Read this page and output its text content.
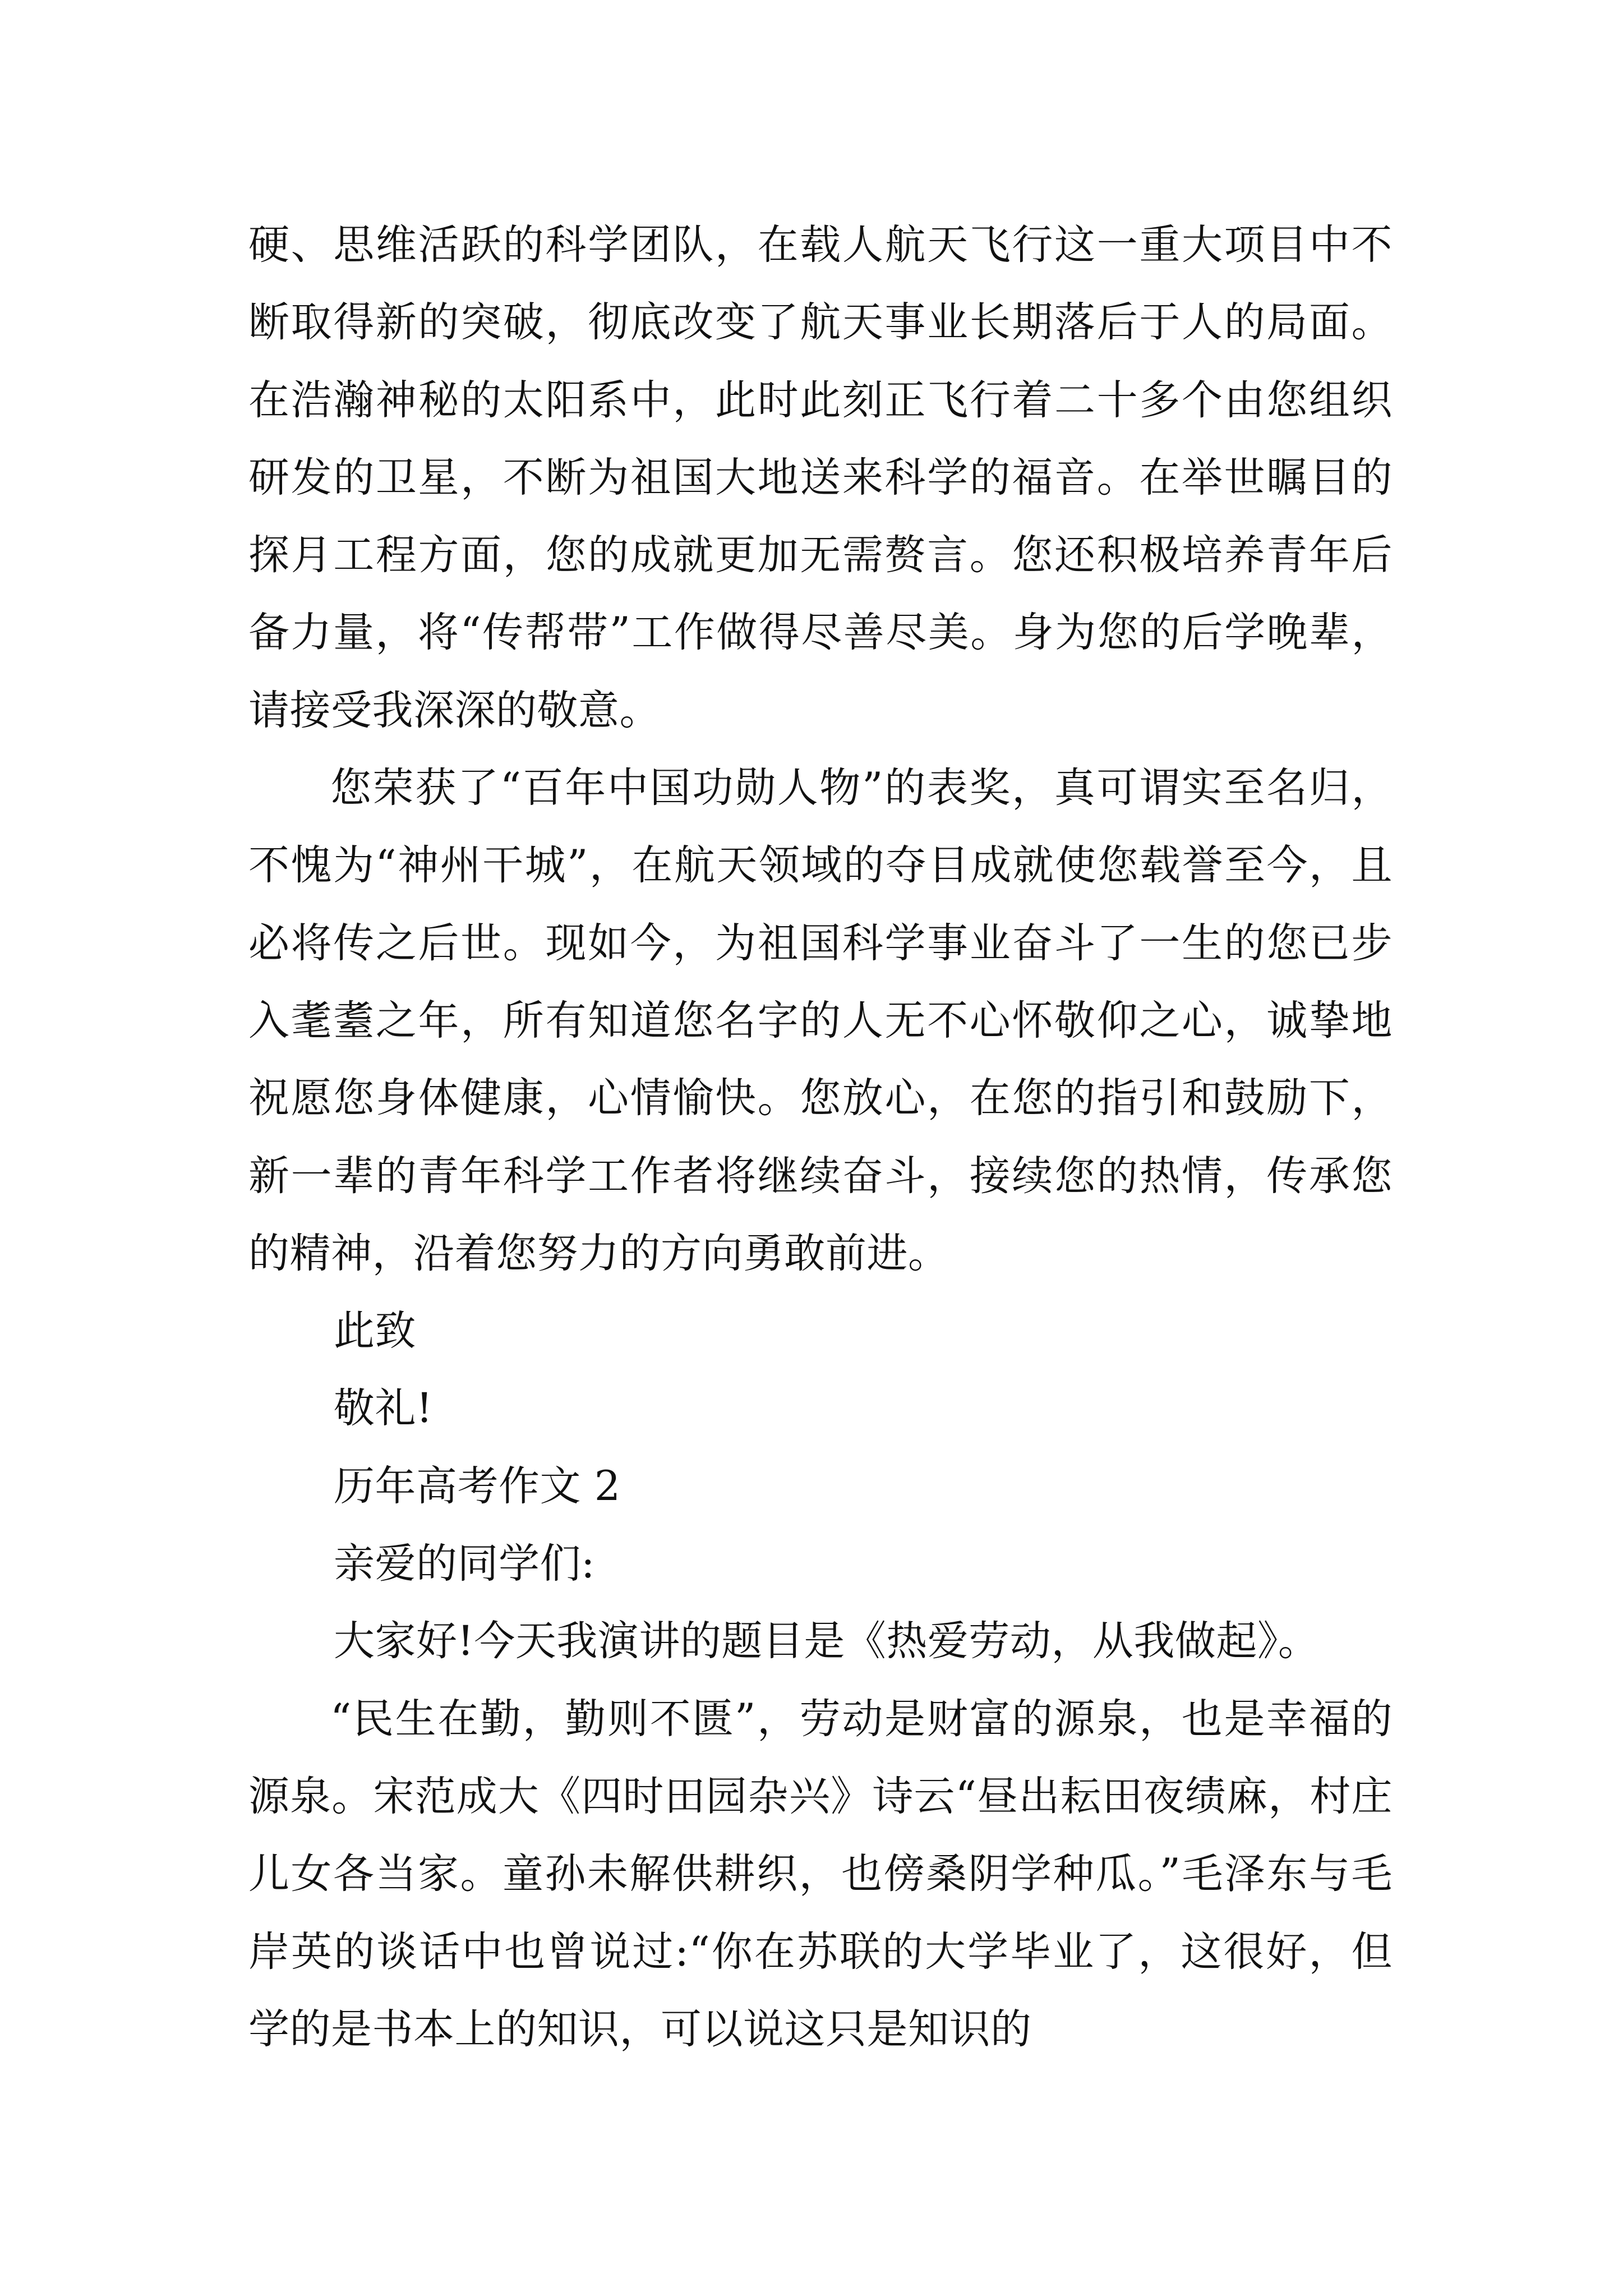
硬、思维活跃的科学团队，在载人航天飞行这一重大项目中不断取得新的突破，彻底改变了航天事业长期落后于人的局面。在浩瀚神秘的太阳系中，此时此刻正飞行着二十多个由您组织研发的卫星，不断为祖国大地送来科学的福音。在举世瞩目的探月工程方面，您的成就更加无需赘言。您还积极培养青年后备力量，将“传帮带”工作做得尽善尽美。身为您的后学晚辈，请接受我深深的敬意。

您荣获了“百年中国功勋人物”的表奖，真可谓实至名归，不愧为“神州干城”，在航天领域的夺目成就使您载誉至今，且必将传之后世。现如今，为祖国科学事业奋斗了一生的您已步入耄耋之年，所有知道您名字的人无不心怀敬仰之心，诚挚地祝愿您身体健康，心情愉快。您放心，在您的指引和鼓励下，新一辈的青年科学工作者将继续奋斗，接续您的热情，传承您的精神，沿着您努力的方向勇敢前进。

此致

敬礼!

历年高考作文 2

亲爱的同学们:

大家好!今天我演讲的题目是《热爱劳动，从我做起》。

“民生在勤，勤则不匮”，劳动是财富的源泉，也是幸福的源泉。宋范成大《四时田园杂兴》诗云“昼出耘田夜绩麻，村庄儿女各当家。童孙未解供耕织，也傍桑阴学种瓜。”毛泽东与毛岸英的谈话中也曾说过:“你在苏联的大学毕业了，这很好，但学的是书本上的知识，可以说这只是知识的
